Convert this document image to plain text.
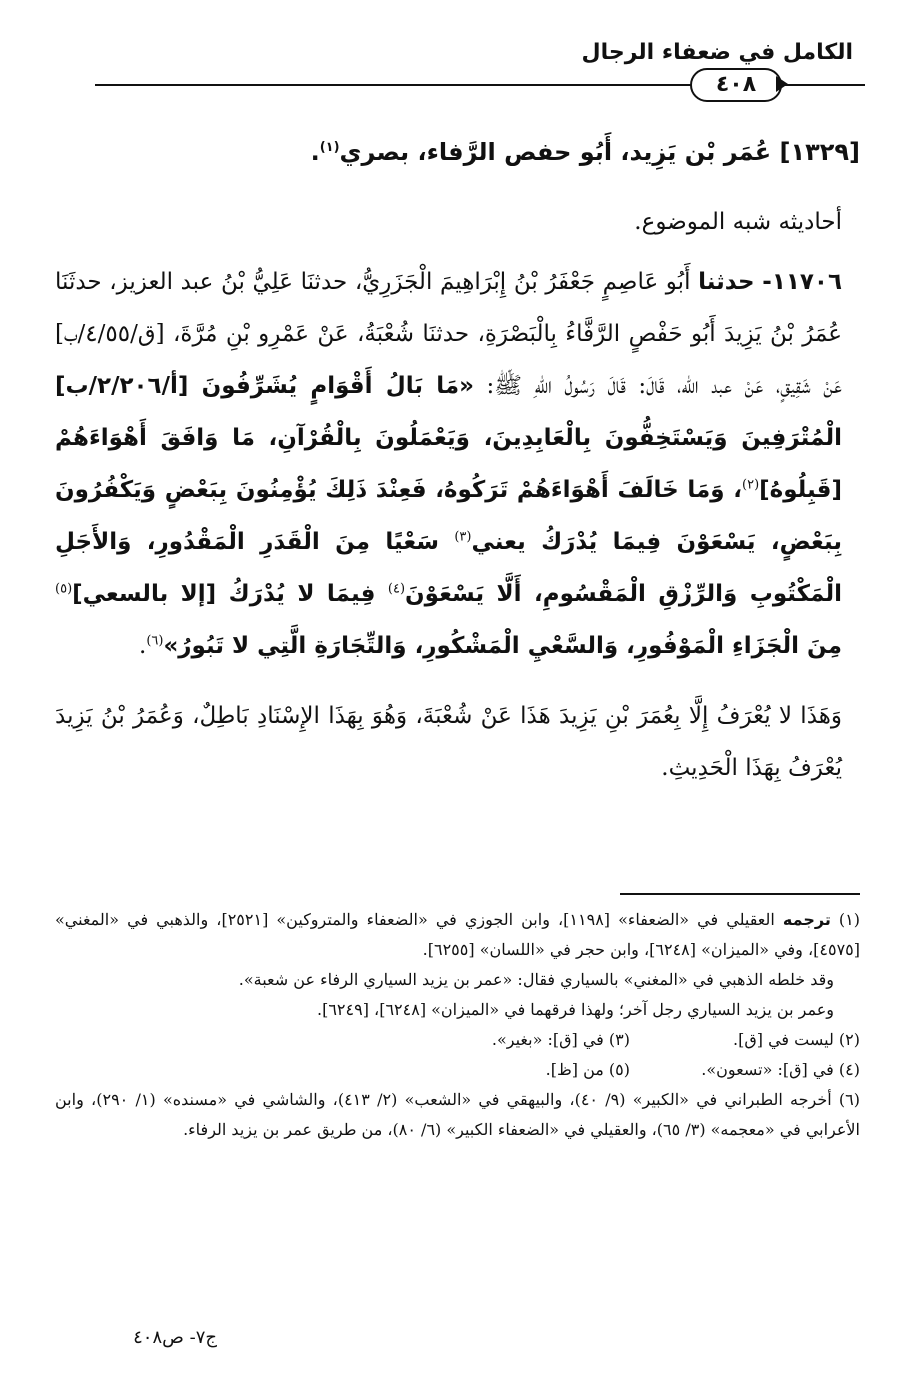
الكامل في ضعفاء الرجال
٤٠٨
[١٣٢٩] عُمَر بْن يَزِيد، أَبُو حفص الرَّفاء، بصري$^{(١)}$.

أحاديثه شبه الموضوع.

١١٧٠٦- حدثنا أَبُو عَاصِمٍ جَعْفَرُ بْنُ إِبْرَاهِيمَ الْجَزَرِيُّ، حدثنَا عَلِيُّ بْنُ عبد العزيز، حدثَنَا عُمَرُ بْنُ يَزِيدَ أَبُو حَفْصٍ الرَّفَّاءُ بِالْبَصْرَةِ، حدثنَا شُعْبَةُ، عَنْ عَمْرِو بْنِ مُرَّةَ، [ق/٤/٥٥/ب] عَنْ شَقِيقٍ، عَنْ عبد الله، قَالَ: قَالَ رَسُولُ اللهِ ﷺ: «مَا بَالُ أَقْوَامٍ يُشَرِّفُونَ [أ/٢/٢٠٦/ب] الْمُتْرَفِينَ وَيَسْتَخِفُّونَ بِالْعَابِدِينَ، وَيَعْمَلُونَ بِالْقُرْآنِ، مَا وَافَقَ أَهْوَاءَهُمْ [قَبِلُوهُ]$^{(٢)}$، وَمَا خَالَفَ أَهْوَاءَهُمْ تَرَكُوهُ، فَعِنْدَ ذَلِكَ يُؤْمِنُونَ بِبَعْضٍ وَيَكْفُرُونَ بِبَعْضٍ، يَسْعَوْنَ فِيمَا يُدْرَكُ يعني$^{(٣)}$ سَعْيًا مِنَ الْقَدَرِ الْمَقْدُورِ، وَالأَجَلِ الْمَكْتُوبِ وَالرِّزْقِ الْمَقْسُومِ، أَلَّا يَسْعَوْنَ$^{(٤)}$ فِيمَا لا يُدْرَكُ [إلا بالسعي]$^{(٥)}$ مِنَ الْجَزَاءِ الْمَوْفُورِ، وَالسَّعْيِ الْمَشْكُورِ، وَالتِّجَارَةِ الَّتِي لا تَبُورُ»$^{(٦)}$.

وَهَذَا لا يُعْرَفُ إِلَّا بِعُمَرَ بْنِ يَزِيدَ هَذَا عَنْ شُعْبَةَ، وَهُوَ بِهَذَا الإِسْنَادِ بَاطِلٌ، وَعُمَرُ بْنُ يَزِيدَ يُعْرَفُ بِهَذَا الْحَدِيثِ.

(١) ترجمه العقيلي في «الضعفاء» [١١٩٨]، وابن الجوزي في «الضعفاء والمتروكين» [٢٥٢١]، والذهبي في «المغني» [٤٥٧٥]، وفي «الميزان» [٦٢٤٨]، وابن حجر في «اللسان» [٦٢٥٥].

وقد خلطه الذهبي في «المغني» بالسياري فقال: «عمر بن يزيد السياري الرفاء عن شعبة».

وعمر بن يزيد السياري رجل آخر؛ ولهذا فرقهما في «الميزان» [٦٢٤٨]، [٦٢٤٩].

(٢) ليست في [ق].
(٣) في [ق]: «بغير».
(٤) في [ق]: «تسعون».
(٥) من [ظ].

(٦) أخرجه الطبراني في «الكبير» (٩/ ٤٠)، والبيهقي في «الشعب» (٢/ ٤١٣)، والشاشي في «مسنده» (١/ ٢٩٠)، وابن الأعرابي في «معجمه» (٣/ ٦٥)، والعقيلي في «الضعفاء الكبير» (٦/ ٨٠)، من طريق عمر بن يزيد الرفاء.

ج٧- ص٤٠٨
